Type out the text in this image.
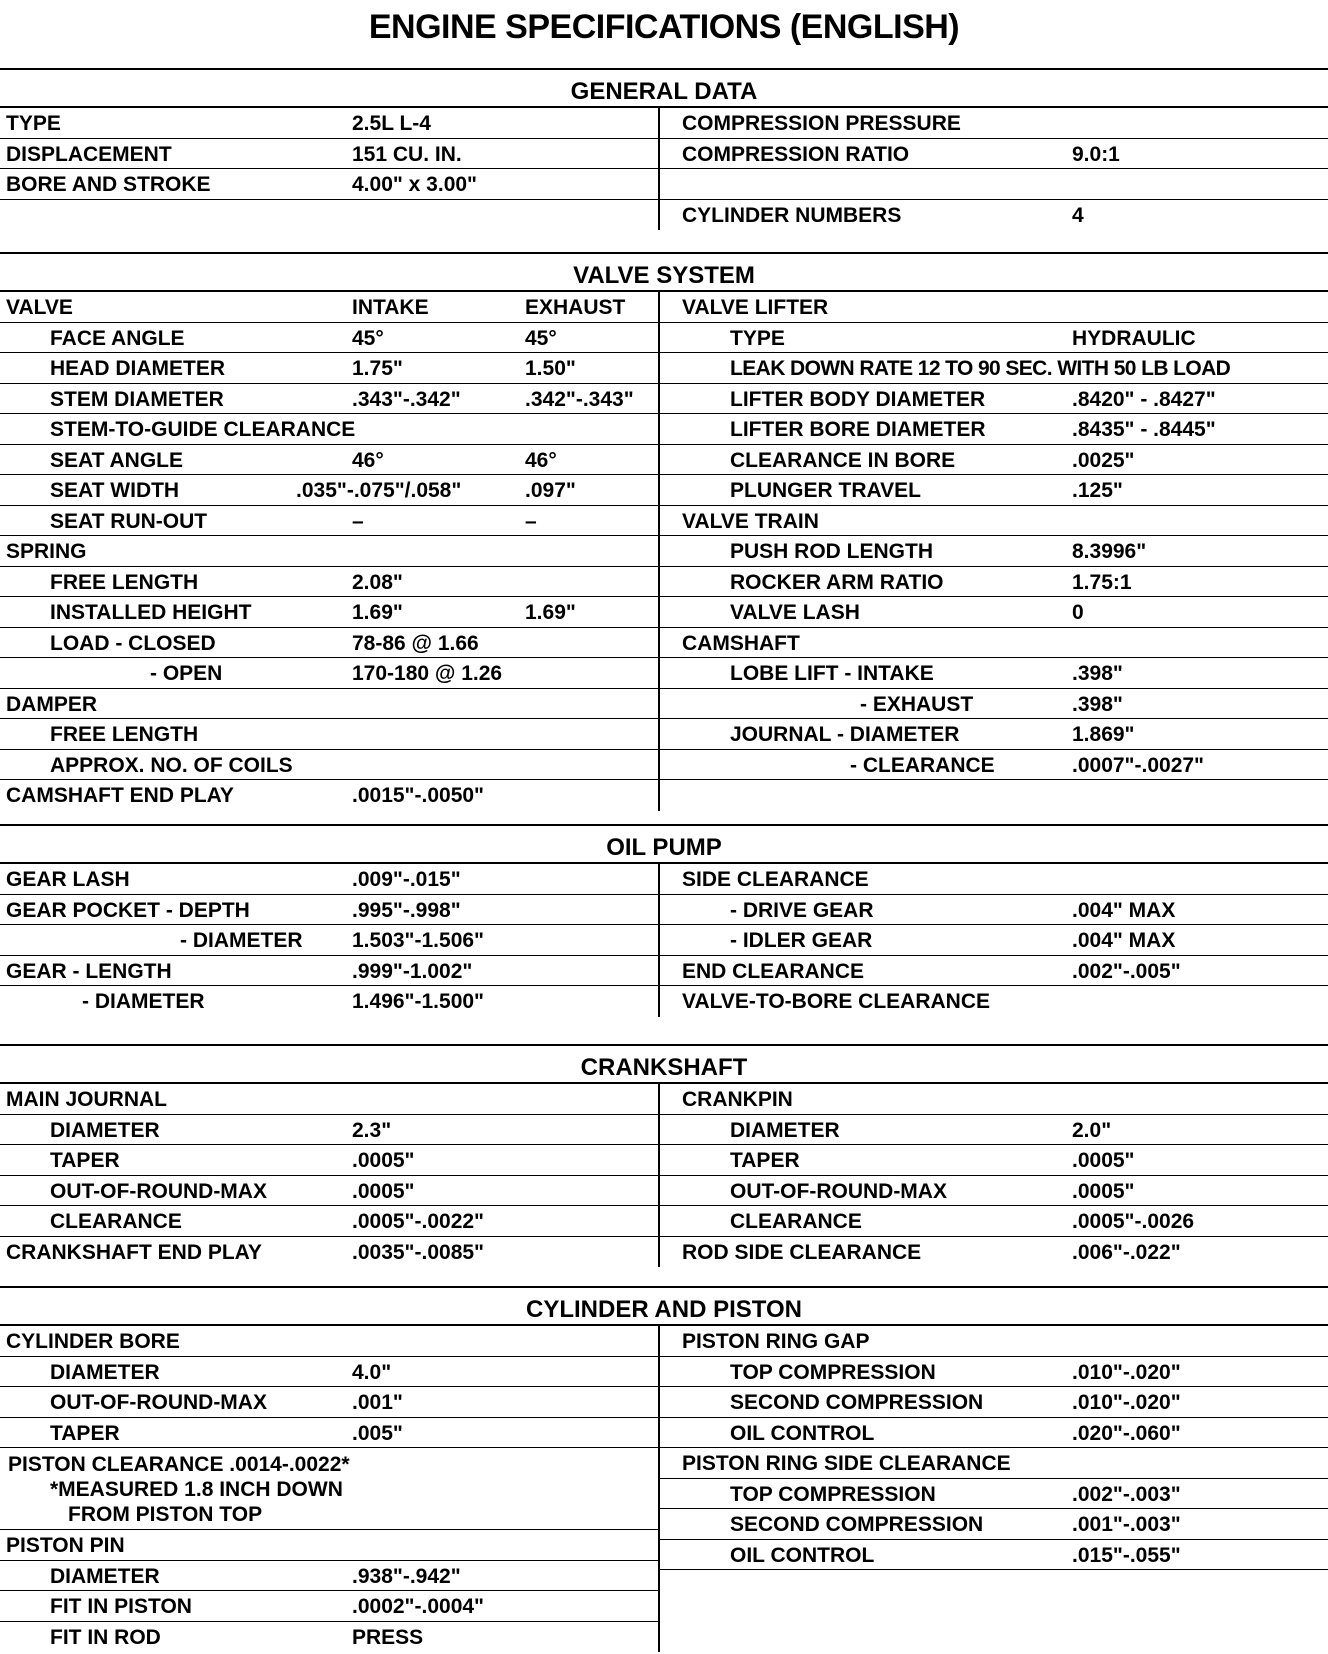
ENGINE SPECIFICATIONS (ENGLISH)
GENERAL DATA
TYPE	2.5L L-4
DISPLACEMENT	151 CU. IN.
BORE AND STROKE	4.00" x 3.00"
COMPRESSION PRESSURE
COMPRESSION RATIO	9.0:1
CYLINDER NUMBERS	4
VALVE SYSTEM
VALVE	INTAKE	EXHAUST
FACE ANGLE	45°	45°
HEAD DIAMETER	1.75"	1.50"
STEM DIAMETER	.343"-.342"	.342"-.343"
STEM-TO-GUIDE CLEARANCE
SEAT ANGLE	46°	46°
SEAT WIDTH	.035"-.075"/.058"	.097"
SEAT RUN-OUT	–	–
SPRING
FREE LENGTH	2.08"
INSTALLED HEIGHT	1.69"	1.69"
LOAD - CLOSED	78-86 @ 1.66
- OPEN	170-180 @ 1.26
DAMPER
FREE LENGTH
APPROX. NO. OF COILS
CAMSHAFT END PLAY	.0015"-.0050"
VALVE LIFTER
TYPE	HYDRAULIC
LEAK DOWN RATE 12 TO 90 SEC. WITH 50 LB LOAD
LIFTER BODY DIAMETER	.8420" - .8427"
LIFTER BORE DIAMETER	.8435" - .8445"
CLEARANCE IN BORE	.0025"
PLUNGER TRAVEL	.125"
VALVE TRAIN
PUSH ROD LENGTH	8.3996"
ROCKER ARM RATIO	1.75:1
VALVE LASH	0
CAMSHAFT
LOBE LIFT - INTAKE	.398"
- EXHAUST	.398"
JOURNAL - DIAMETER	1.869"
- CLEARANCE	.0007"-.0027"
OIL PUMP
GEAR LASH	.009"-.015"
GEAR POCKET - DEPTH	.995"-.998"
- DIAMETER 1.503"-1.506"
GEAR - LENGTH	.999"-1.002"
- DIAMETER	1.496"-1.500"
SIDE CLEARANCE
- DRIVE GEAR	.004" MAX
- IDLER GEAR	.004" MAX
END CLEARANCE	.002"-.005"
VALVE-TO-BORE CLEARANCE
CRANKSHAFT
MAIN JOURNAL
DIAMETER	2.3"
TAPER	.0005"
OUT-OF-ROUND-MAX	.0005"
CLEARANCE	.0005"-.0022"
CRANKSHAFT END PLAY	.0035"-.0085"
CRANKPIN
DIAMETER	2.0"
TAPER	.0005"
OUT-OF-ROUND-MAX	.0005"
CLEARANCE	.0005"-.0026
ROD SIDE CLEARANCE	.006"-.022"
CYLINDER AND PISTON
CYLINDER BORE
DIAMETER	4.0"
OUT-OF-ROUND-MAX	.001"
TAPER	.005"
PISTON CLEARANCE .0014-.0022*
*MEASURED 1.8 INCH DOWN
FROM PISTON TOP
PISTON PIN
DIAMETER	.938"-.942"
FIT IN PISTON	.0002"-.0004"
FIT IN ROD	PRESS
PISTON RING GAP
TOP COMPRESSION	.010"-.020"
SECOND COMPRESSION	.010"-.020"
OIL CONTROL	.020"-.060"
PISTON RING SIDE CLEARANCE
TOP COMPRESSION	.002"-.003"
SECOND COMPRESSION	.001"-.003"
OIL CONTROL	.015"-.055"
